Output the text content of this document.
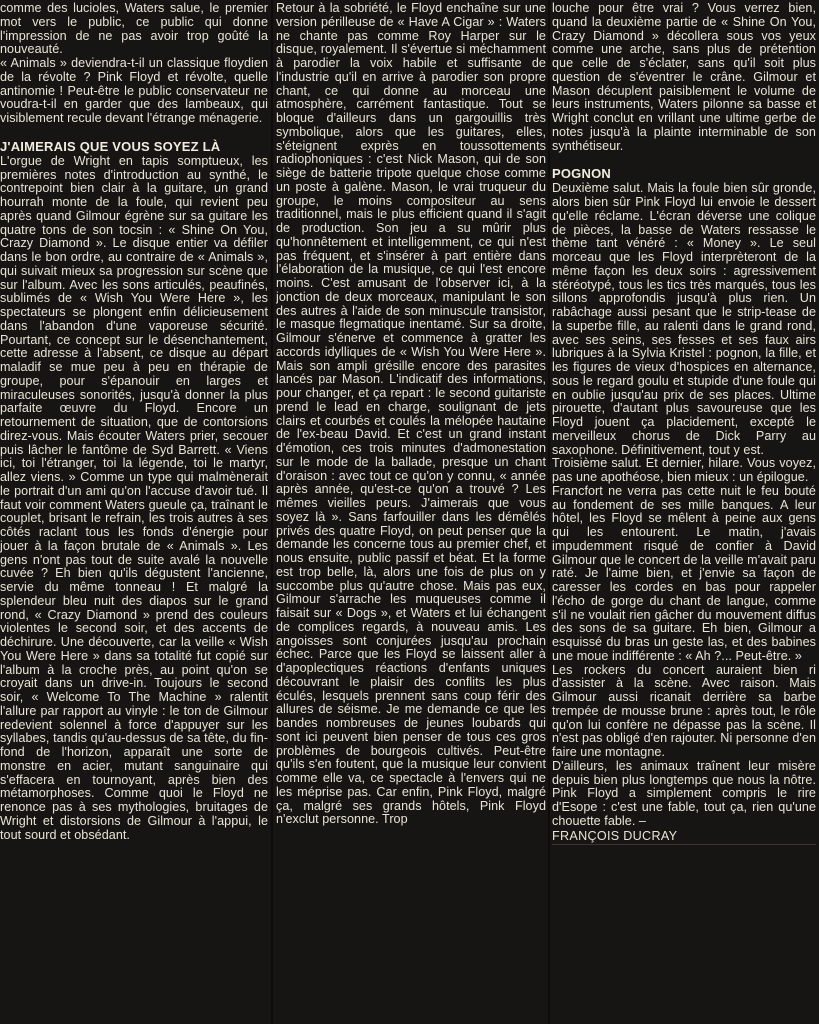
comme des lucioles, Waters salue, le premier mot vers le public, ce public qui donne l'impression de ne pas avoir trop goûté la nouveauté.

« Animals » deviendra-t-il un classique floydien de la révolte ? Pink Floyd et révolte, quelle antinomie ! Peut-être le public conservateur ne voudra-t-il en garder que des lambeaux, qui visiblement recule devant l'étrange ménagerie.

J'AIMERAIS QUE VOUS SOYEZ LÀ

L'orgue de Wright en tapis somptueux, les premières notes d'introduction au synthé, le contrepoint bien clair à la guitare, un grand hourrah monte de la foule, qui revient peu après quand Gilmour égrène sur sa guitare les quatre tons de son tocsin : « Shine On You, Crazy Diamond ». Le disque entier va défiler dans le bon ordre, au contraire de « Animals », qui suivait mieux sa progression sur scène que sur l'album. Avec les sons articulés, peaufinés, sublimés de « Wish You Were Here », les spectateurs se plongent enfin délicieusement dans l'abandon d'une vaporeuse sécurité. Pourtant, ce concept sur le désenchantement, cette adresse à l'absent, ce disque au départ maladif se mue peu à peu en thérapie de groupe, pour s'épanouir en larges et miraculeuses sonorités, jusqu'à donner la plus parfaite œuvre du Floyd. Encore un retournement de situation, que de contorsions direz-vous. Mais écouter Waters prier, secouer puis lâcher le fantôme de Syd Barrett. « Viens ici, toi l'étranger, toi la légende, toi le martyr, allez viens. » Comme un type qui malmènerait le portrait d'un ami qu'on l'accuse d'avoir tué. Il faut voir comment Waters gueule ça, traînant le couplet, brisant le refrain, les trois autres à ses côtés raclant tous les fonds d'énergie pour jouer à la façon brutale de « Animals ». Les gens n'ont pas tout de suite avalé la nouvelle cuvée ? Eh bien qu'ils dégustent l'ancienne, servie du même tonneau ! Et malgré la splendeur bleu nuit des diapos sur le grand rond, « Crazy Diamond » prend des couleurs violentes le second soir, et des accents de déchirure. Une découverte, car la veille « Wish You Were Here » dans sa totalité fut copié sur l'album à la croche près, au point qu'on se croyait dans un drive-in. Toujours le second soir, « Welcome To The Machine » ralentit l'allure par rapport au vinyle : le ton de Gilmour redevient solennel à force d'appuyer sur les syllabes, tandis qu'au-dessus de sa tête, du fin-fond de l'horizon, apparaît une sorte de monstre en acier, mutant sanguinaire qui s'effacera en tournoyant, après bien des métamorphoses. Comme quoi le Floyd ne renonce pas à ses mythologies, bruitages de Wright et distorsions de Gilmour à l'appui, le tout sourd et obsédant.

Retour à la sobriété, le Floyd enchaîne sur une version périlleuse de « Have A Cigar » : Waters ne chante pas comme Roy Harper sur le disque, royalement. Il s'évertue si méchamment à parodier la voix habile et suffisante de l'industrie qu'il en arrive à parodier son propre chant, ce qui donne au morceau une atmosphère, carrément fantastique. Tout se bloque d'ailleurs dans un gargouillis très symbolique, alors que les guitares, elles, s'éteignent exprès en toussottements radiophoniques : c'est Nick Mason, qui de son siège de batterie tripote quelque chose comme un poste à galène. Mason, le vrai truqueur du groupe, le moins compositeur au sens traditionnel, mais le plus efficient quand il s'agit de production. Son jeu a su mûrir plus qu'honnêtement et intelligemment, ce qui n'est pas fréquent, et s'insérer à part entière dans l'élaboration de la musique, ce qui l'est encore moins. C'est amusant de l'observer ici, à la jonction de deux morceaux, manipulant le son des autres à l'aide de son minuscule transistor, le masque flegmatique inentamé. Sur sa droite, Gilmour s'énerve et commence à gratter les accords idylliques de « Wish You Were Here ». Mais son ampli grésille encore des parasites lancés par Mason. L'indicatif des informations, pour changer, et ça repart : le second guitariste prend le lead en charge, soulignant de jets clairs et courbés et coulés la mélopée hautaine de l'ex-beau David. Et c'est un grand instant d'émotion, ces trois minutes d'admonestation sur le mode de la ballade, presque un chant d'oraison : avec tout ce qu'on y connu, « année après année, qu'est-ce qu'on a trouvé ? Les mêmes vieilles peurs. J'aimerais que vous soyez là ». Sans farfouiller dans les démêlés privés des quatre Floyd, on peut penser que la demande les concerne tous au premier chef, et nous ensuite, public passif et béat. Et la forme est trop belle, là, alors une fois de plus on y succombe plus qu'autre chose. Mais pas eux, Gilmour s'arrache les muqueuses comme il faisait sur « Dogs », et Waters et lui échangent de complices regards, à nouveau amis. Les angoisses sont conjurées jusqu'au prochain échec. Parce que les Floyd se laissent aller à d'apoplectiques réactions d'enfants uniques découvrant le plaisir des conflits les plus éculés, lesquels prennent sans coup férir des allures de séisme. Je me demande ce que les bandes nombreuses de jeunes loubards qui sont ici peuvent bien penser de tous ces gros problèmes de bourgeois cultivés. Peut-être qu'ils s'en foutent, que la musique leur convient comme elle va, ce spectacle à l'envers qui ne les méprise pas. Car enfin, Pink Floyd, malgré ça, malgré ses grands hôtels, Pink Floyd n'exclut personne. Trop

louche pour être vrai ? Vous verrez bien, quand la deuxième partie de « Shine On You, Crazy Diamond » décollera sous vos yeux comme une arche, sans plus de prétention que celle de s'éclater, sans qu'il soit plus question de s'éventrer le crâne. Gilmour et Mason décuplent paisiblement le volume de leurs instruments, Waters pilonne sa basse et Wright conclut en vrillant une ultime gerbe de notes jusqu'à la plainte interminable de son synthétiseur.

POGNON

Deuxième salut. Mais la foule bien sûr gronde, alors bien sûr Pink Floyd lui envoie le dessert qu'elle réclame. L'écran déverse une colique de pièces, la basse de Waters ressasse le thème tant vénéré : « Money ». Le seul morceau que les Floyd interprèteront de la même façon les deux soirs : agressivement stéréotypé, tous les tics très marqués, tous les sillons approfondis jusqu'à plus rien. Un rabâchage aussi pesant que le strip-tease de la superbe fille, au ralenti dans le grand rond, avec ses seins, ses fesses et ses faux airs lubriques à la Sylvia Kristel : pognon, la fille, et les figures de vieux d'hospices en alternance, sous le regard goulu et stupide d'une foule qui en oublie jusqu'au prix de ses places. Ultime pirouette, d'autant plus savoureuse que les Floyd jouent ça placidement, excepté le merveilleux chorus de Dick Parry au saxophone. Définitivement, tout y est.

Troisième salut. Et dernier, hilare. Vous voyez, pas une apothéose, bien mieux : un épilogue.

Francfort ne verra pas cette nuit le feu bouté au fondement de ses mille banques. A leur hôtel, les Floyd se mêlent à peine aux gens qui les entourent. Le matin, j'avais impudemment risqué de confier à David Gilmour que le concert de la veille m'avait paru raté. Je l'aime bien, et j'envie sa façon de caresser les cordes en bas pour rappeler l'écho de gorge du chant de langue, comme s'il ne voulait rien gâcher du mouvement diffus des sons de sa guitare. Eh bien, Gilmour a esquissé du bras un geste las, et des babines une moue indifférente : « Ah ?... Peut-être. »

Les rockers du concert auraient bien ri d'assister à la scène. Avec raison. Mais Gilmour aussi ricanait derrière sa barbe trempée de mousse brune : après tout, le rôle qu'on lui confère ne dépasse pas la scène. Il n'est pas obligé d'en rajouter. Ni personne d'en faire une montagne.

D'ailleurs, les animaux traînent leur misère depuis bien plus longtemps que nous la nôtre. Pink Floyd a simplement compris le rire d'Esope : c'est une fable, tout ça, rien qu'une chouette fable. –

FRANÇOIS DUCRAY
